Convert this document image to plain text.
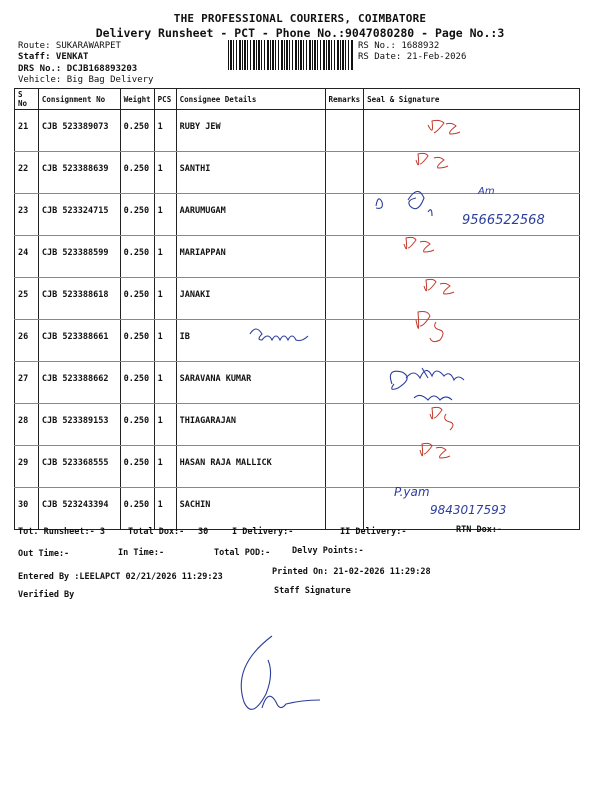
THE PROFESSIONAL COURIERS, COIMBATORE
Delivery Runsheet - PCT - Phone No.:9047080280 - Page No.:3
Route: SUKARAWARPET
Staff: VENKAT
DRS No.: DCJB168893203
Vehicle: Big Bag Delivery
RS No.: 1688932
RS Date: 21-Feb-2026
S No	Consignment No	Weight	PCS	Consignee Details	Remarks	Seal & Signature

21	CJB 523389073	0.250	1	RUBY JEW		

22	CJB 523388639	0.250	1	SANTHI		

23	CJB 523324715	0.250	1	AARUMUGAM		

24	CJB 523388599	0.250	1	MARIAPPAN		

25	CJB 523388618	0.250	1	JANAKI		

26	CJB 523388661	0.250	1	IB		

27	CJB 523388662	0.250	1	SARAVANA KUMAR		

28	CJB 523389153	0.250	1	THIAGARAJAN		

29	CJB 523368555	0.250	1	HASAN RAJA MALLICK		

30	CJB 523243394	0.250	1	SACHIN		

Am
9566522568
P.yam
9843017593
Tot. Runsheet:- 3	Total Dox:- 30	I Delivery:-	II Delivery:-	RTN Dox:-
Out Time:-	In Time:-	Total POD:-	Delvy Points:-
Entered By :LEELAPCT 02/21/2026 11:29:23	Printed On: 21-02-2026 11:29:28
Verified By	Staff Signature
